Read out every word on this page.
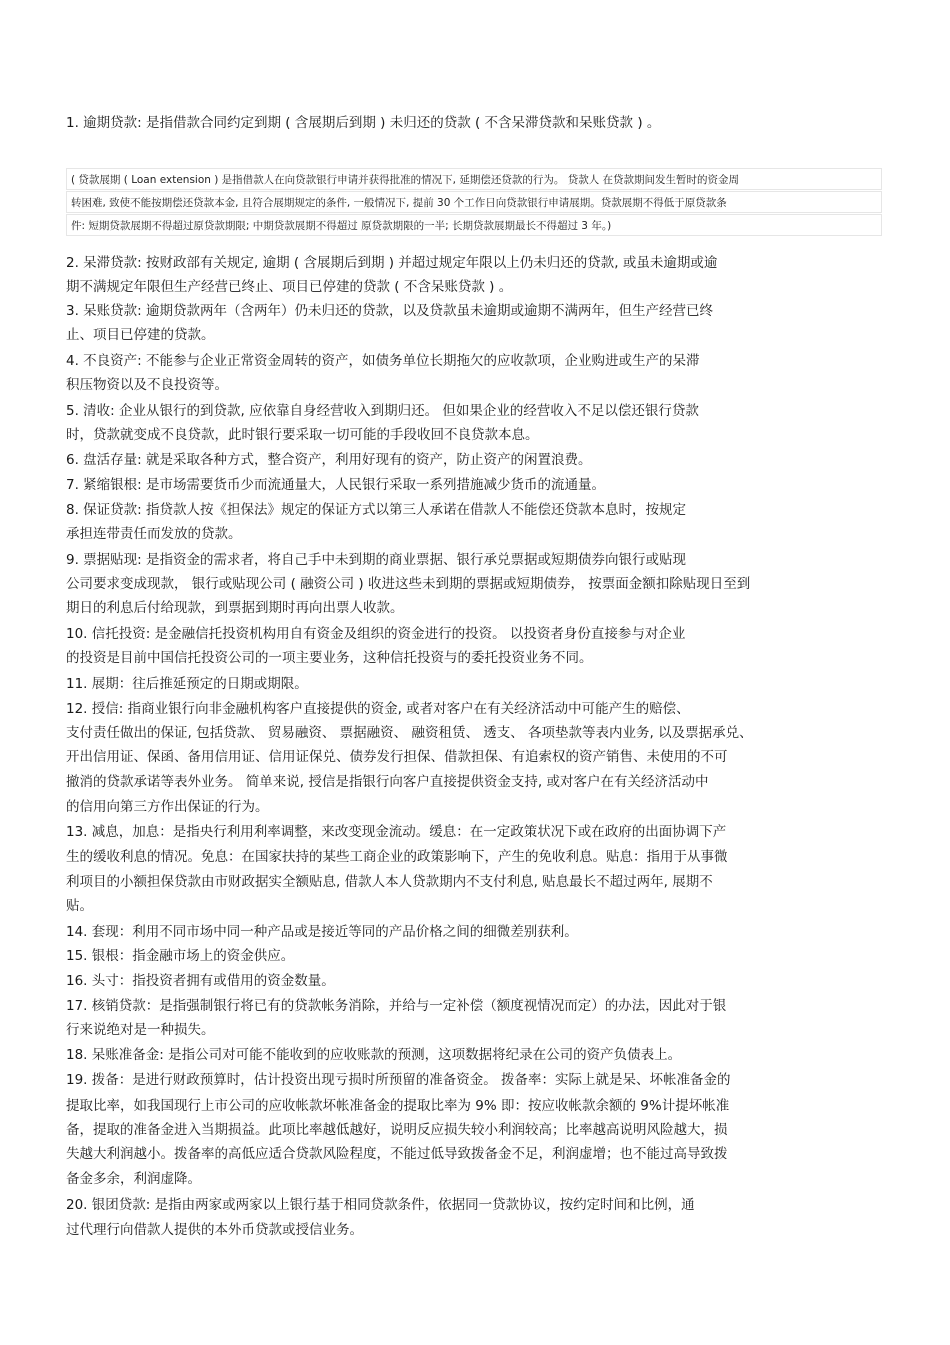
1. 逾期贷款: 是指借款合同约定到期 ( 含展期后到期 ) 未归还的贷款 ( 不含呆滞贷款和呆账贷款 ) 。
( 贷款展期 ( Loan extension ) 是指借款人在向贷款银行申请并获得批准的情况下, 延期偿还贷款的行为。 贷款人 在贷款期间发生暂时的资金周
转困难, 致使不能按期偿还贷款本金, 且符合展期规定的条件, 一般情况下, 提前 30 个工作日向贷款银行申请展期。贷款展期不得低于原贷款条
件: 短期贷款展期不得超过原贷款期限; 中期贷款展期不得超过 原贷款期限的一半; 长期贷款展期最长不得超过 3 年。)
2. 呆滞贷款: 按财政部有关规定, 逾期 ( 含展期后到期 ) 并超过规定年限以上仍未归还的贷款, 或虽未逾期或逾
期不满规定年限但生产经营已终止、项目已停建的贷款 ( 不含呆账贷款 ) 。
3. 呆账贷款: 逾期贷款两年（含两年）仍未归还的贷款，以及贷款虽未逾期或逾期不满两年，但生产经营已终
止、项目已停建的贷款。
4. 不良资产: 不能参与企业正常资金周转的资产，如债务单位长期拖欠的应收款项，企业购进或生产的呆滞
积压物资以及不良投资等。
5. 清收: 企业从银行的到贷款, 应依靠自身经营收入到期归还。 但如果企业的经营收入不足以偿还银行贷款
时，贷款就变成不良贷款，此时银行要采取一切可能的手段收回不良贷款本息。
6. 盘活存量: 就是采取各种方式，整合资产，利用好现有的资产，防止资产的闲置浪费。
7. 紧缩银根: 是市场需要货币少而流通量大，人民银行采取一系列措施减少货币的流通量。
8. 保证贷款: 指贷款人按《担保法》规定的保证方式以第三人承诺在借款人不能偿还贷款本息时，按规定
承担连带责任而发放的贷款。
9. 票据贴现: 是指资金的需求者，将自己手中未到期的商业票据、银行承兑票据或短期债券向银行或贴现
公司要求变成现款， 银行或贴现公司 ( 融资公司 ) 收进这些未到期的票据或短期债券， 按票面金额扣除贴现日至到
期日的利息后付给现款，到票据到期时再向出票人收款。
10. 信托投资: 是金融信托投资机构用自有资金及组织的资金进行的投资。 以投资者身份直接参与对企业
的投资是目前中国信托投资公司的一项主要业务，这种信托投资与的委托投资业务不同。
11. 展期：往后推延预定的日期或期限。
12. 授信: 指商业银行向非金融机构客户直接提供的资金, 或者对客户在有关经济活动中可能产生的赔偿、
支付责任做出的保证, 包括贷款、 贸易融资、 票据融资、 融资租赁、 透支、 各项垫款等表内业务, 以及票据承兑、
开出信用证、保函、备用信用证、信用证保兑、债券发行担保、借款担保、有追索权的资产销售、未使用的不可
撤消的贷款承诺等表外业务。 简单来说, 授信是指银行向客户直接提供资金支持, 或对客户在有关经济活动中
的信用向第三方作出保证的行为。
13. 减息，加息：是指央行利用利率调整，来改变现金流动。缓息：在一定政策状况下或在政府的出面协调下产
生的缓收利息的情况。免息：在国家扶持的某些工商企业的政策影响下，产生的免收利息。贴息：指用于从事微
利项目的小额担保贷款由市财政据实全额贴息, 借款人本人贷款期内不支付利息, 贴息最长不超过两年, 展期不
贴。
14. 套现：利用不同市场中同一种产品或是接近等同的产品价格之间的细微差别获利。
15. 银根：指金融市场上的资金供应。
16. 头寸：指投资者拥有或借用的资金数量。
17. 核销贷款：是指强制银行将已有的贷款帐务消除，并给与一定补偿（额度视情况而定）的办法，因此对于银
行来说绝对是一种损失。
18. 呆账准备金: 是指公司对可能不能收到的应收账款的预测，这项数据将纪录在公司的资产负债表上。
19. 拨备：是进行财政预算时，估计投资出现亏损时所预留的准备资金。 拨备率：实际上就是呆、坏帐准备金的
提取比率，如我国现行上市公司的应收帐款坏帐准备金的提取比率为 9% 即：按应收帐款余额的 9%计提坏帐准
备，提取的准备金进入当期损益。此项比率越低越好，说明反应损失较小利润较高；比率越高说明风险越大，损
失越大利润越小。拨备率的高低应适合贷款风险程度，不能过低导致拨备金不足，利润虚增；也不能过高导致拨
备金多余，利润虚降。
20. 银团贷款: 是指由两家或两家以上银行基于相同贷款条件，依据同一贷款协议，按约定时间和比例，通
过代理行向借款人提供的本外币贷款或授信业务。
